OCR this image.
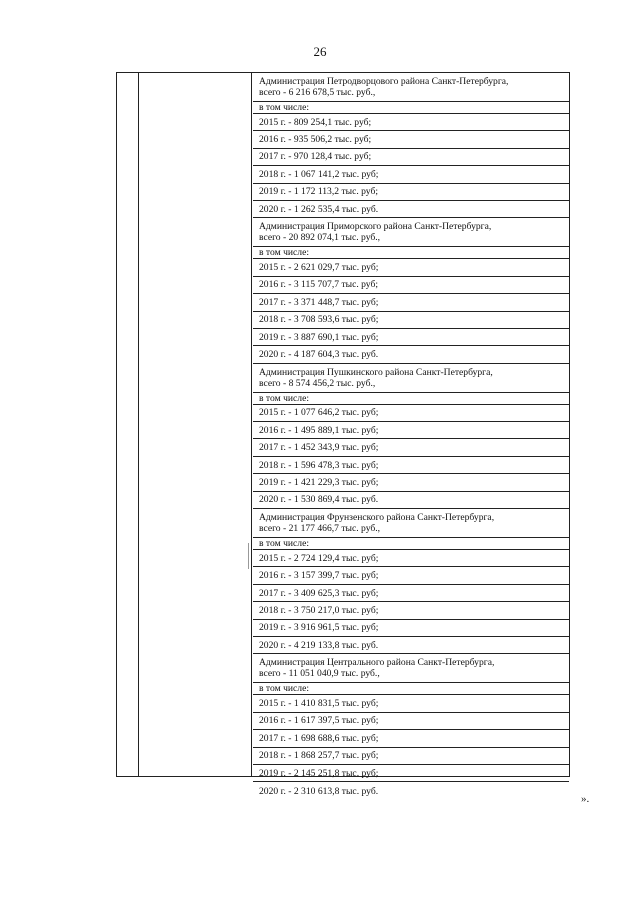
26
Администрация Петродворцового района Санкт-Петербурга,
всего - 6 216 678,5 тыс. руб.,
в том числе:
2015 г. - 809 254,1 тыс. руб;
2016 г. - 935 506,2 тыс. руб;
2017 г. - 970 128,4 тыс. руб;
2018 г. - 1 067 141,2 тыс. руб;
2019 г. - 1 172 113,2 тыс. руб;
2020 г. - 1 262 535,4 тыс. руб.
Администрация Приморского района Санкт-Петербурга,
всего - 20 892 074,1 тыс. руб.,
в том числе:
2015 г. - 2 621 029,7 тыс. руб;
2016 г. - 3 115 707,7 тыс. руб;
2017 г. - 3 371 448,7 тыс. руб;
2018 г. - 3 708 593,6 тыс. руб;
2019 г. - 3 887 690,1 тыс. руб;
2020 г. - 4 187 604,3 тыс. руб.
Администрация Пушкинского района Санкт-Петербурга,
всего - 8 574 456,2 тыс. руб.,
в том числе:
2015 г. - 1 077 646,2 тыс. руб;
2016 г. - 1 495 889,1 тыс. руб;
2017 г. - 1 452 343,9 тыс. руб;
2018 г. - 1 596 478,3 тыс. руб;
2019 г. - 1 421 229,3 тыс. руб;
2020 г. - 1 530 869,4 тыс. руб.
Администрация Фрунзенского района Санкт-Петербурга,
всего - 21 177 466,7 тыс. руб.,
в том числе:
2015 г. - 2 724 129,4 тыс. руб;
2016 г. - 3 157 399,7 тыс. руб;
2017 г. - 3 409 625,3 тыс. руб;
2018 г. - 3 750 217,0 тыс. руб;
2019 г. - 3 916 961,5 тыс. руб;
2020 г. - 4 219 133,8 тыс. руб.
Администрация Центрального района Санкт-Петербурга,
всего - 11 051 040,9 тыс. руб.,
в том числе:
2015 г. - 1 410 831,5 тыс. руб;
2016 г. - 1 617 397,5 тыс. руб;
2017 г. - 1 698 688,6 тыс. руб;
2018 г. - 1 868 257,7 тыс. руб;
2019 г. - 2 145 251,8 тыс. руб;
2020 г. - 2 310 613,8 тыс. руб.
».
